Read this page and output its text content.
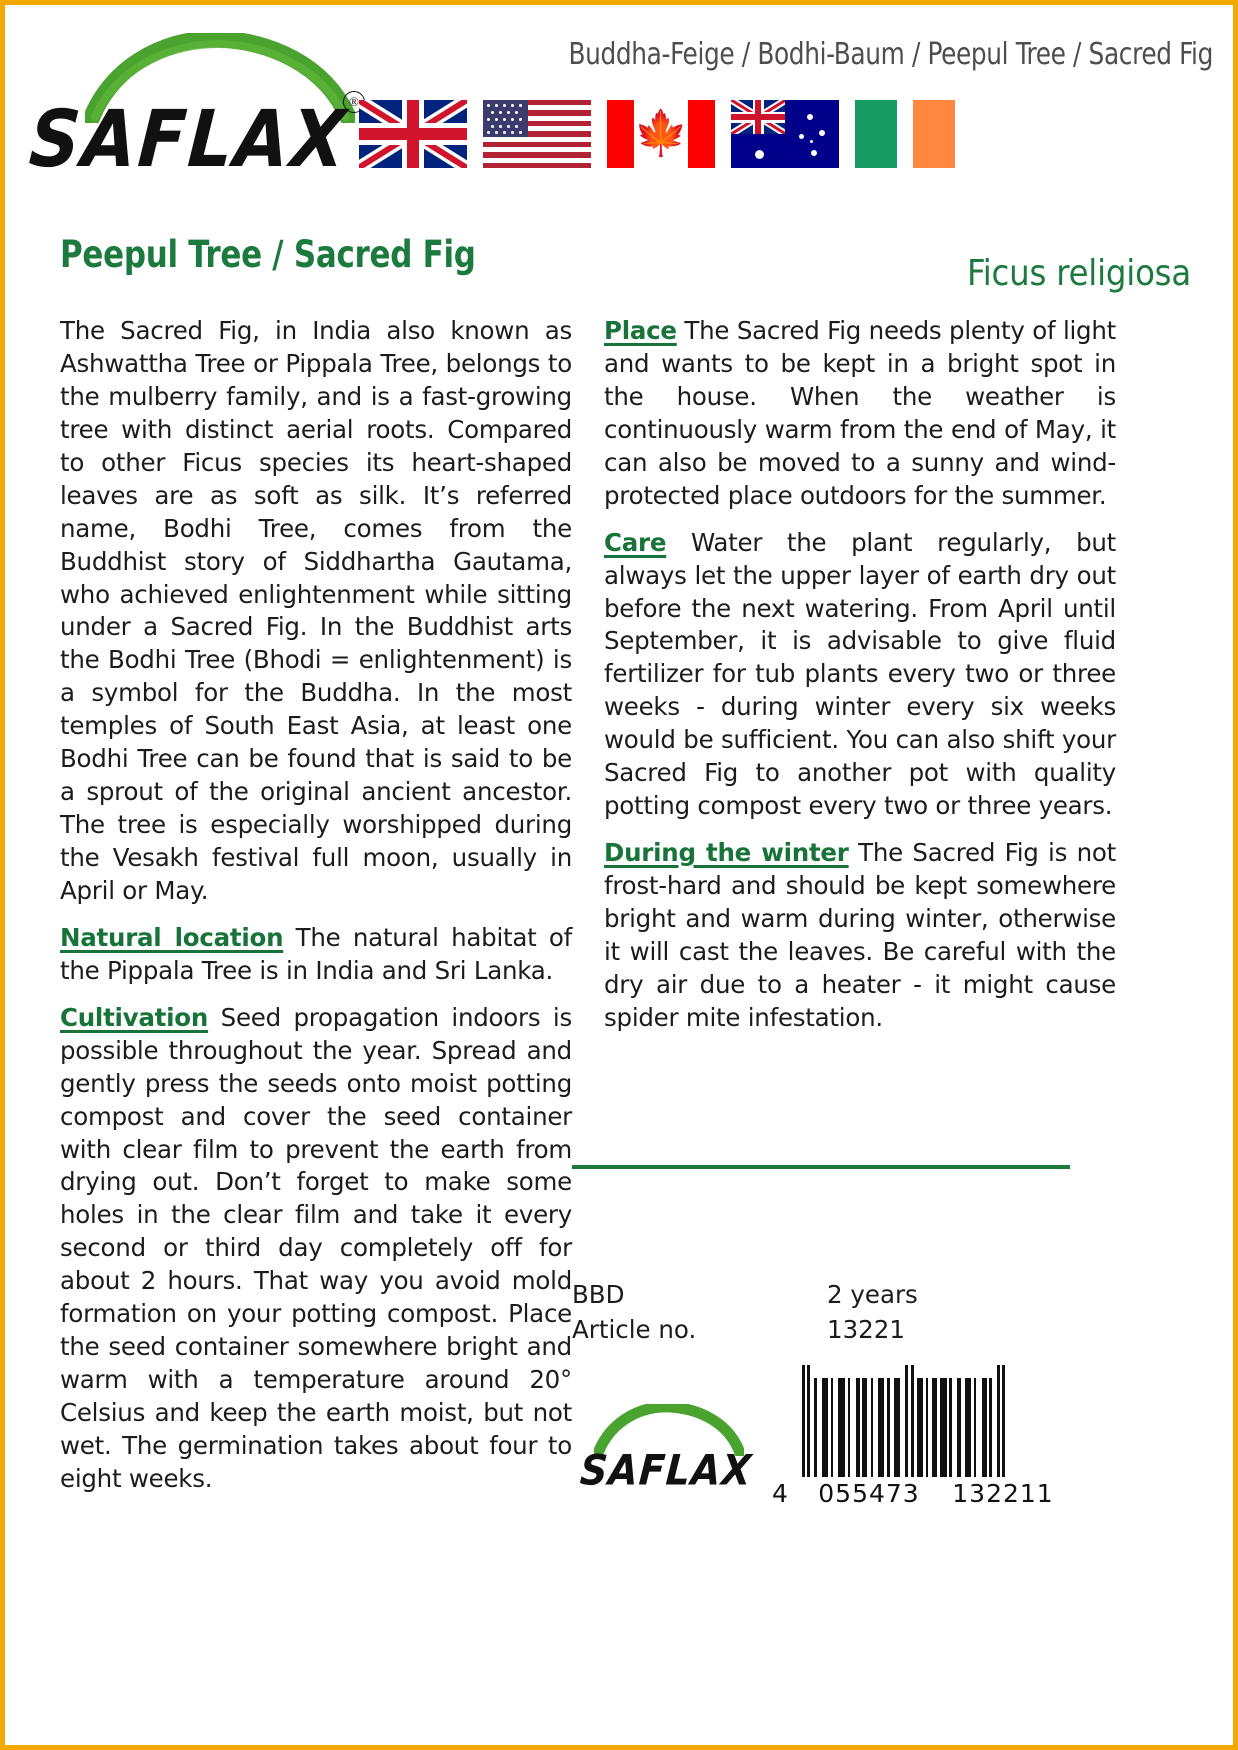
SAFLAX
®
Buddha-Feige / Bodhi-Baum / Peepul Tree / Sacred Fig
🍁
Peepul Tree / Sacred Fig	Ficus religiosa

The Sacred Fig, in India also known as Ashwattha Tree or Pippala Tree, belongs to the mulberry family, and is a fast-growing tree with distinct aerial roots. Compared to other Ficus species its heart-shaped leaves are as soft as silk. It’s referred name, Bodhi Tree, comes from the Buddhist story of Siddhartha Gautama, who achieved enlightenment while sitting under a Sacred Fig. In the Buddhist arts the Bodhi Tree (Bhodi = enlightenment) is a symbol for the Buddha. In the most temples of South East Asia, at least one Bodhi Tree can be found that is said to be a sprout of the original ancient ancestor. The tree is especially worshipped during the Vesakh festival full moon, usually in April or May.

Natural location The natural habitat of the Pippala Tree is in India and Sri Lanka.

Cultivation Seed propagation indoors is possible throughout the year. Spread and gently press the seeds onto moist potting compost and cover the seed container with clear film to prevent the earth from drying out. Don’t forget to make some holes in the clear film and take it every second or third day completely off for about 2 hours. That way you avoid mold formation on your potting compost. Place the seed container somewhere bright and warm with a temperature around 20° Celsius and keep the earth moist, but not wet. The germination takes about four to eight weeks.

Place The Sacred Fig needs plenty of light and wants to be kept in a bright spot in the house. When the weather is continuously warm from the end of May, it can also be moved to a sunny and wind-protected place outdoors for the summer.

Care Water the plant regularly, but always let the upper layer of earth dry out before the next watering. From April until September, it is advisable to give fluid fertilizer for tub plants every two or three weeks - during winter every six weeks would be sufficient. You can also shift your Sacred Fig to another pot with quality potting compost every two or three years.

During the winter The Sacred Fig is not frost-hard and should be kept somewhere bright and warm during winter, otherwise it will cast the leaves. Be careful with the dry air due to a heater - it might cause spider mite infestation.

BBD	2 years
Article no.	13221
SAFLAX 4	055473	132211
